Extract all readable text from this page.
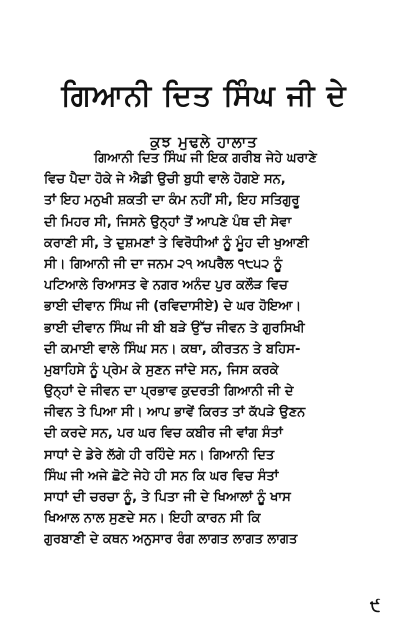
ਗਿਆਨੀ ਦਿਤ ਸਿੰਘ ਜੀ ਦੇ
ਕੁਝ ਮੁਢਲੇ ਹਾਲਾਤ
ਗਿਆਨੀ ਦਿਤ ਸਿੰਘ ਜੀ ਇਕ ਗਰੀਬ ਜੇਹੇ ਘਰਾਣੇ
ਵਿਚ ਪੈਦਾ ਹੋਕੇ ਜੇ ਐਡੀ ਉਚੀ ਬੁਧੀ ਵਾਲੇ ਹੋਗਏ ਸਨ,
ਤਾਂ ਇਹ ਮਨੁਖੀ ਸ਼ਕਤੀ ਦਾ ਕੰਮ ਨਹੀਂ ਸੀ, ਇਹ ਸਤਿਗੁਰੂ
ਦੀ ਮਿਹਰ ਸੀ, ਜਿਸਨੇ ਉਨ੍ਹਾਂ ਤੋਂ ਆਪਣੇ ਪੰਥ ਦੀ ਸੇਵਾ
ਕਰਾਣੀ ਸੀ, ਤੇ ਦੁਸ਼ਮਣਾਂ ਤੇ ਵਿਰੋਧੀਆਂ ਨੂੰ ਮੂੰਹ ਦੀ ਖੁਆਣੀ
ਸੀ। ਗਿਆਨੀ ਜੀ ਦਾ ਜਨਮ ੨੧ ਅਪਰੈਲ ੧੮੫੨ ਨੂੰ
ਪਟਿਆਲੇ ਰਿਆਸਤ ਵੇ ਨਗਰ ਅਨੰਦ ਪੁਰ ਕਲੌੜ ਵਿਚ
ਭਾਈ ਦੀਵਾਨ ਸਿੰਘ ਜੀ (ਰਵਿਦਾਸੀਏ) ਦੇ ਘਰ ਹੋਇਆ।
ਭਾਈ ਦੀਵਾਨ ਸਿੰਘ ਜੀ ਬੀ ਬੜੇ ਉੱਚ ਜੀਵਨ ਤੇ ਗੁਰਸਿਖੀ
ਦੀ ਕਮਾਈ ਵਾਲੇ ਸਿੰਘ ਸਨ। ਕਥਾ, ਕੀਰਤਨ ਤੇ ਬਹਿਸ-
ਮੁਬਾਹਿਸੇ ਨੂੰ ਪ੍ਰੇਮ ਕੇ ਸੁਣਨ ਜਾਂਦੇ ਸਨ, ਜਿਸ ਕਰਕੇ
ਉਨ੍ਹਾਂ ਦੇ ਜੀਵਨ ਦਾ ਪ੍ਰਭਾਵ ਕੁਦਰਤੀ ਗਿਆਨੀ ਜੀ ਦੇ
ਜੀਵਨ ਤੇ ਪਿਆ ਸੀ। ਆਪ ਭਾਵੇਂ ਕਿਰਤ ਤਾਂ ਕੱਪੜੇ ਉਣਨ
ਦੀ ਕਰਦੇ ਸਨ, ਪਰ ਘਰ ਵਿਚ ਕਬੀਰ ਜੀ ਵਾਂਗ ਸੰਤਾਂ
ਸਾਧਾਂ ਦੇ ਡੇਰੇ ਲੱਗੇ ਹੀ ਰਹਿੰਦੇ ਸਨ। ਗਿਆਨੀ ਦਿਤ
ਸਿੰਘ ਜੀ ਅਜੇ ਛੋਟੇ ਜੇਹੇ ਹੀ ਸਨ ਕਿ ਘਰ ਵਿਚ ਸੰਤਾਂ
ਸਾਧਾਂ ਦੀ ਚਰਚਾ ਨੂੰ, ਤੇ ਪਿਤਾ ਜੀ ਦੇ ਖਿਆਲਾਂ ਨੂੰ ਖਾਸ
ਖਿਆਲ ਨਾਲ ਸੁਣਦੇ ਸਨ। ਇਹੀ ਕਾਰਨ ਸੀ ਕਿ
ਗੁਰਬਾਣੀ ਦੇ ਕਥਨ ਅਨੁਸਾਰ ਰੰਗ ਲਾਗਤ ਲਾਗਤ ਲਾਗਤ
੯
